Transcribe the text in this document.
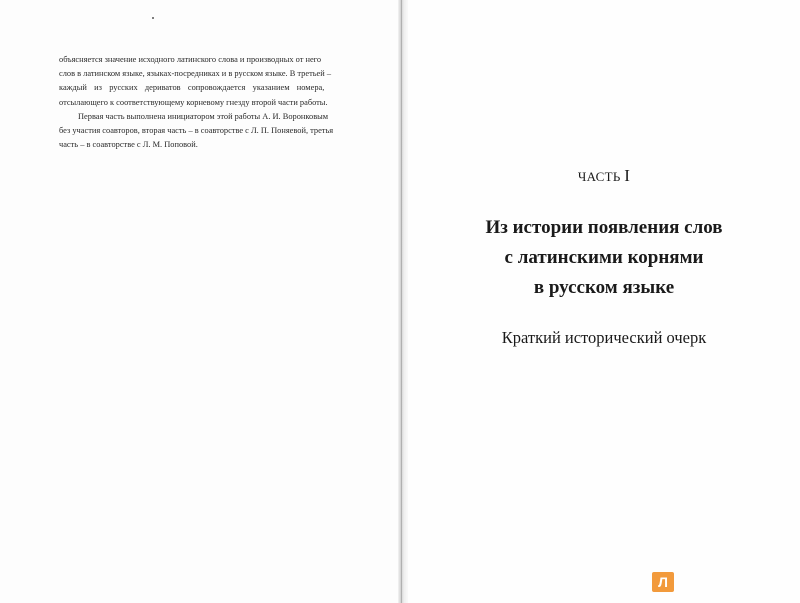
объясняется значение исходного латинского слова и производных от него
слов в латинском языке, языках-посредниках и в русском языке. В третьей –
каждый из русских дериватов сопровождается указанием номера,
отсылающего к соответствующему корневому гнезду второй части работы.
Первая часть выполнена инициатором этой работы А. И. Воронковым
без участия соавторов, вторая часть – в соавторстве с Л. П. Поняевой, третья
часть – в соавторстве с Л. М. Поповой.
ЧАСТЬ I
Из истории появления слов
с латинскими корнями
в русском языке
Краткий исторический очерк
Л
